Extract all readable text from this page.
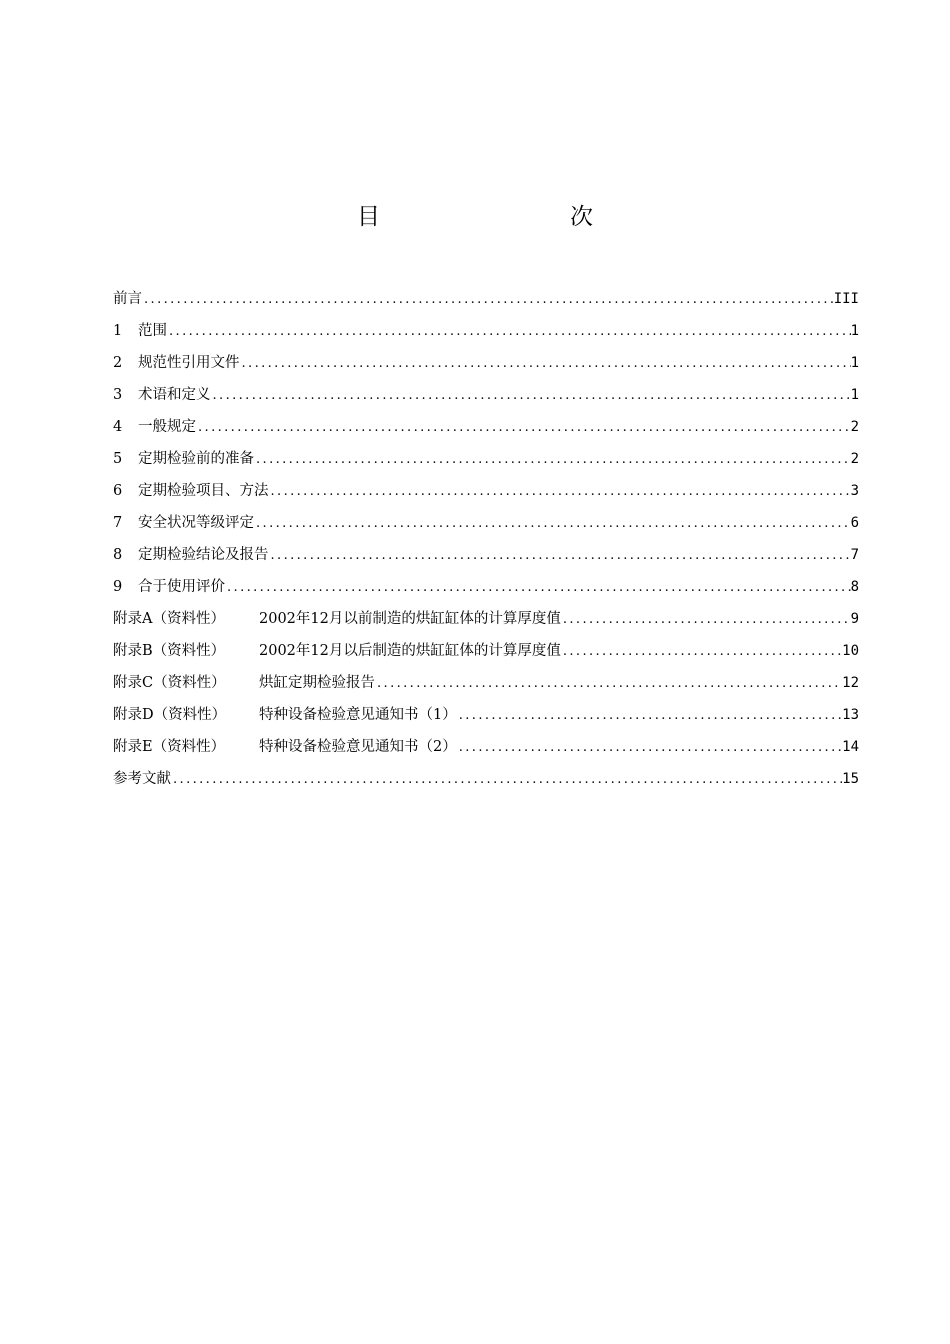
目　　次
前言 .....	III
1 范围 .....	1
2 规范性引用文件 .....	1
3 术语和定义 .....	1
4 一般规定 .....	2
5 定期检验前的准备 .....	2
6 定期检验项目、方法 .....	3
7 安全状况等级评定 .....	6
8 定期检验结论及报告 .....	7
9 合于使用评价 .....	8
附录A（资料性） 2002年12月以前制造的烘缸缸体的计算厚度值 .....	9
附录B（资料性） 2002年12月以后制造的烘缸缸体的计算厚度值 .....	10
附录C（资料性） 烘缸定期检验报告 .....	12
附录D（资料性） 特种设备检验意见通知书（1） .....	13
附录E（资料性） 特种设备检验意见通知书（2） .....	14
参考文献 .....	15
